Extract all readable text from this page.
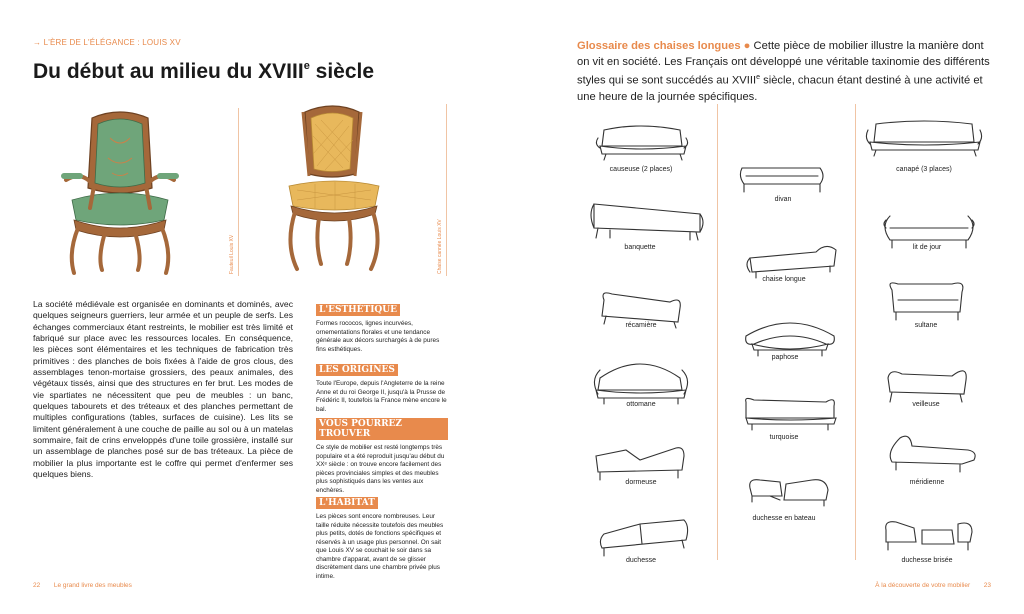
→ L'ÈRE DE L'ÉLÉGANCE : LOUIS XV
Du début au milieu du XVIIIe siècle
Fauteuil Louis XV	Chaise cannée Louis XV
La société médiévale est organisée en dominants et dominés, avec quelques seigneurs guerriers, leur armée et un peuple de serfs. Les échanges commerciaux étant restreints, le mobilier est très limité et fabriqué sur place avec les ressources locales. En conséquence, les pièces sont élémentaires et les techniques de fabrication très primitives : des planches de bois fixées à l'aide de gros clous, des assemblages tenon-mortaise grossiers, des peaux animales, des végétaux tissés, ainsi que des structures en fer brut. Les modes de vie spartiates ne nécessitent que peu de meubles : un banc, quelques tabourets et des tréteaux et des planches permettant de multiples configurations (tables, surfaces de cuisine). Les lits se limitent généralement à une couche de paille au sol ou à un matelas sommaire, fait de crins enveloppés d'une toile grossière, installé sur un assemblage de planches posé sur de bas tréteaux. La pièce de mobilier la plus importante est le coffre qui permet d'enfermer ses quelques biens.
L'ESTHÉTIQUE
Formes rococos, lignes incurvées, ornementations florales et une tendance générale aux décors surchargés à de pures fins esthétiques.
LES ORIGINES
Toute l'Europe, depuis l'Angleterre de la reine Anne et du roi George II, jusqu'à la Prusse de Frédéric II, toutefois la France mène encore le bal.
VOUS POURREZ TROUVER
Ce style de mobilier est resté longtemps très populaire et a été reproduit jusqu'au début du XXᵉ siècle : on trouve encore facilement des pièces provinciales simples et des meubles plus sophistiqués dans les ventes aux enchères.
L'HABITAT
Les pièces sont encore nombreuses. Leur taille réduite nécessite toutefois des meubles plus petits, dotés de fonctions spécifiques et réservés à un usage plus personnel. On sait que Louis XV se couchait le soir dans sa chambre d'apparat, avant de se glisser discrètement dans une chambre privée plus intime.
22 Le grand livre des meubles
Glossaire des chaises longues ● Cette pièce de mobilier illustre la manière dont on vit en société. Les Français ont développé une véritable taxinomie des différents styles qui se sont succédés au XVIIIe siècle, chacun étant destiné à une activité et une heure de la journée spécifiques.
causeuse (2 places)
divan
canapé (3 places)
banquette	lit de jour
chaise longue
récamière	sultane
paphose
ottomane	veilleuse
turquoise
dormeuse	méridienne
duchesse en bateau
duchesse	duchesse brisée
À la découverte de votre mobilier 23
